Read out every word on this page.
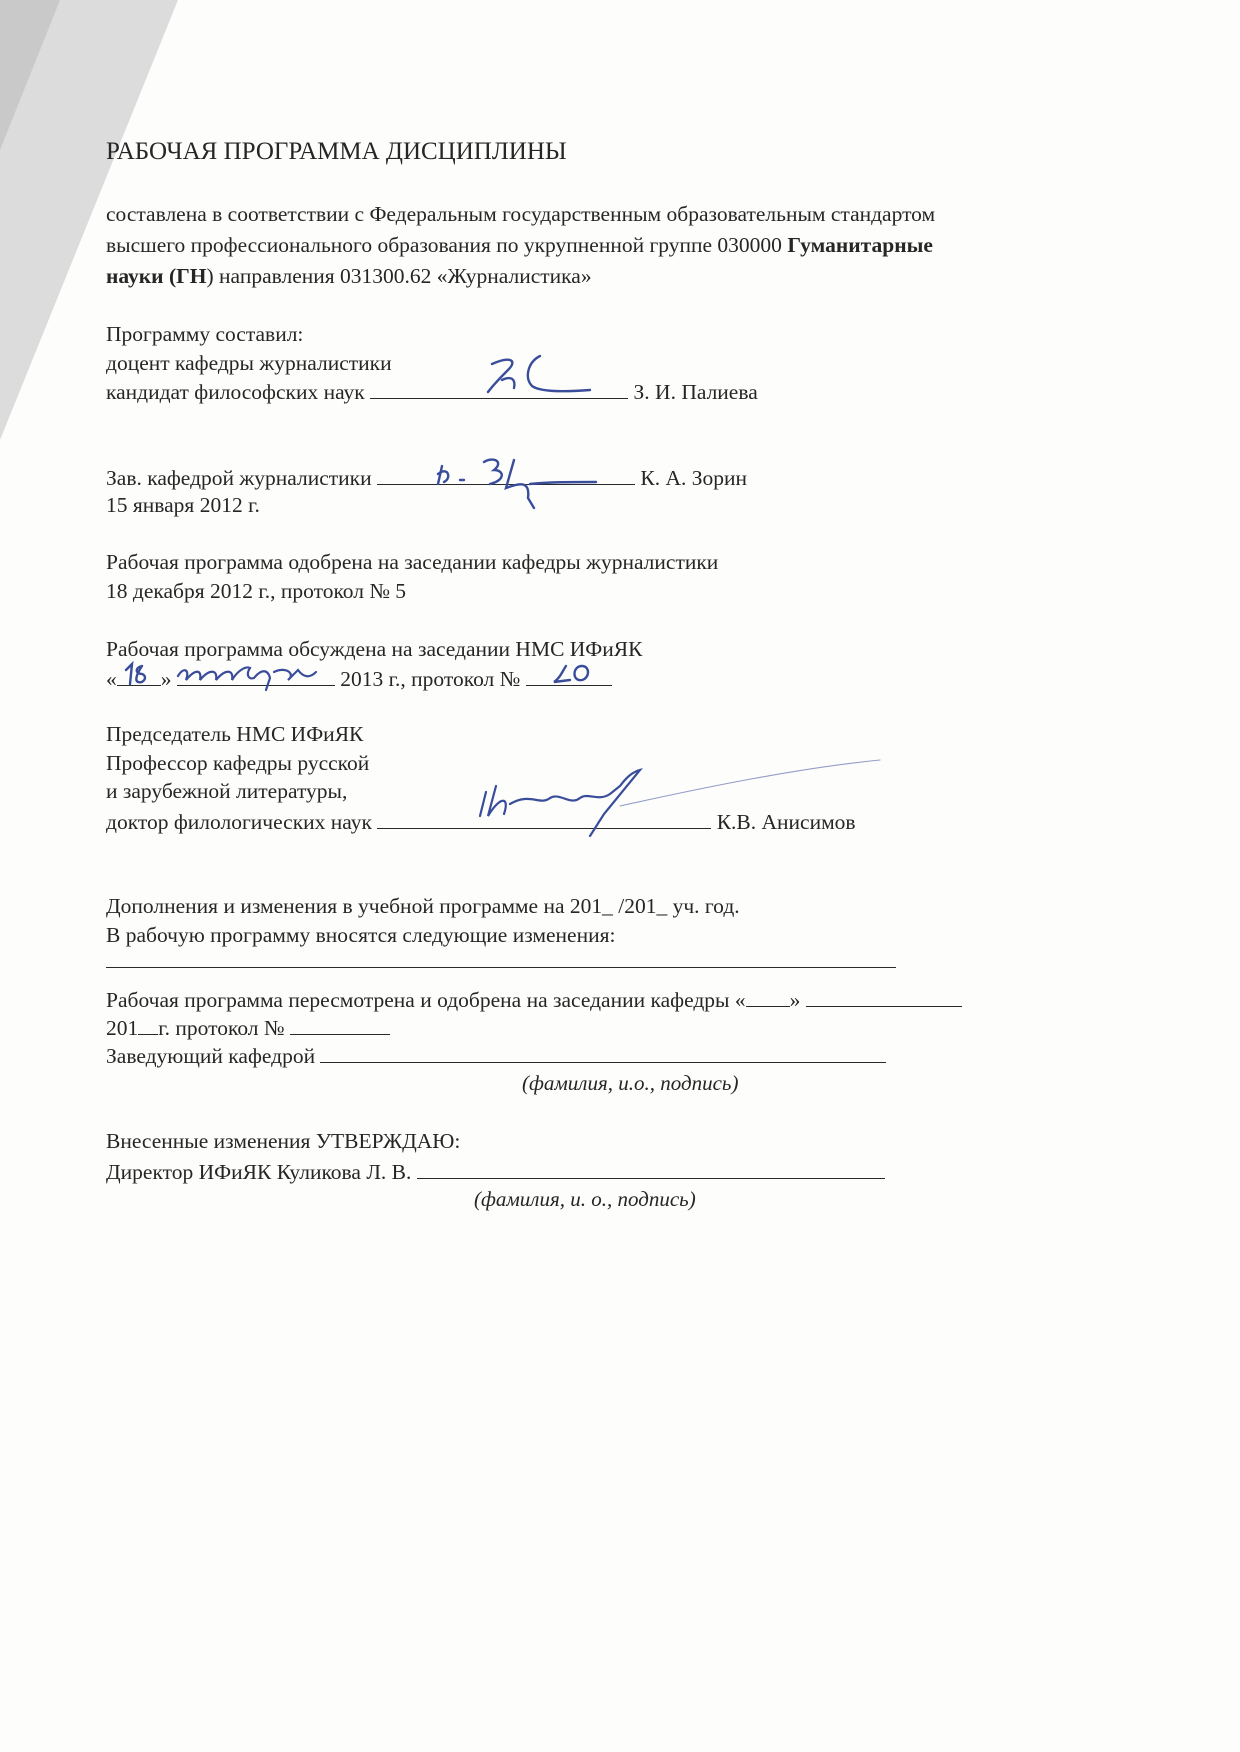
РАБОЧАЯ ПРОГРАММА ДИСЦИПЛИНЫ
составлена в соответствии с Федеральным государственным образовательным стандартом
высшего профессионального образования по укрупненной группе 030000 Гуманитарные
науки (ГН) направления 031300.62 «Журналистика»
Программу составил:
доцент кафедры журналистики
кандидат философских наук	З. И. Палиева
Зав. кафедрой журналистики	К. А. Зорин
15 января 2012 г.
Рабочая программа одобрена на заседании кафедры журналистики
18 декабря 2012 г., протокол № 5
Рабочая программа обсуждена на заседании НМС ИФиЯК
« »	2013 г., протокол №
Председатель НМС ИФиЯК
Профессор кафедры русской
и зарубежной литературы,
доктор филологических наук	К.В. Анисимов
Дополнения и изменения в учебной программе на 201_ /201_ уч. год.
В рабочую программу вносятся следующие изменения:
Рабочая программа пересмотрена и одобрена на заседании кафедры « »
201 г. протокол №
Заведующий кафедрой
(фамилия, и.о., подпись)
Внесенные изменения УТВЕРЖДАЮ:
Директор ИФиЯК Куликова Л. В.
(фамилия, и. о., подпись)
